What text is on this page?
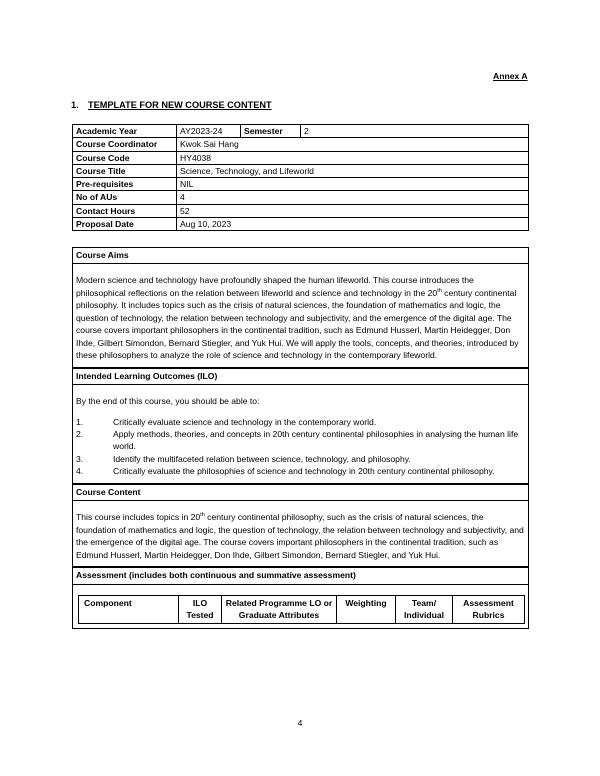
Annex A
1. TEMPLATE FOR NEW COURSE CONTENT
Academic Year	AY2023-24	Semester	2
Course Coordinator	Kwok Sai Hang		
Course Code	HY4038		
Course Title	Science, Technology, and Lifeworld		
Pre-requisites	NIL		
No of AUs	4		
Contact Hours	52		
Proposal Date	Aug 10, 2023		
Course Aims

Modern science and technology have profoundly shaped the human lifeworld. This course introduces the philosophical reflections on the relation between lifeworld and science and technology in the 20th century continental philosophy. It includes topics such as the crisis of natural sciences, the foundation of mathematics and logic, the question of technology, the relation between technology and subjectivity, and the emergence of the digital age. The course covers important philosophers in the continental tradition, such as Edmund Husserl, Martin Heidegger, Don Ihde, Gilbert Simondon, Bernard Stiegler, and Yuk Hui. We will apply the tools, concepts, and theories, introduced by these philosophers to analyze the role of science and technology in the contemporary lifeworld.

Intended Learning Outcomes (ILO)

By the end of this course, you should be able to:

1.	Critically evaluate science and technology in the contemporary world.
2.	Apply methods, theories, and concepts in 20th century continental philosophies in analysing the human life world.
3.	Identify the multifaceted relation between science, technology, and philosophy.
4.	Critically evaluate the philosophies of science and technology in 20th century continental philosophy.
Course Content

This course includes topics in 20th century continental philosophy, such as the crisis of natural sciences, the foundation of mathematics and logic, the question of technology, the relation between technology and subjectivity, and the emergence of the digital age. The course covers important philosophers in the continental tradition, such as Edmund Husserl, Martin Heidegger, Don Ihde, Gilbert Simondon, Bernard Stiegler, and Yuk Hui.

Assessment (includes both continuous and summative assessment)
Component	ILO Tested	Related Programme LO or Graduate Attributes	Weighting	Team/ Individual	Assessment Rubrics
4
